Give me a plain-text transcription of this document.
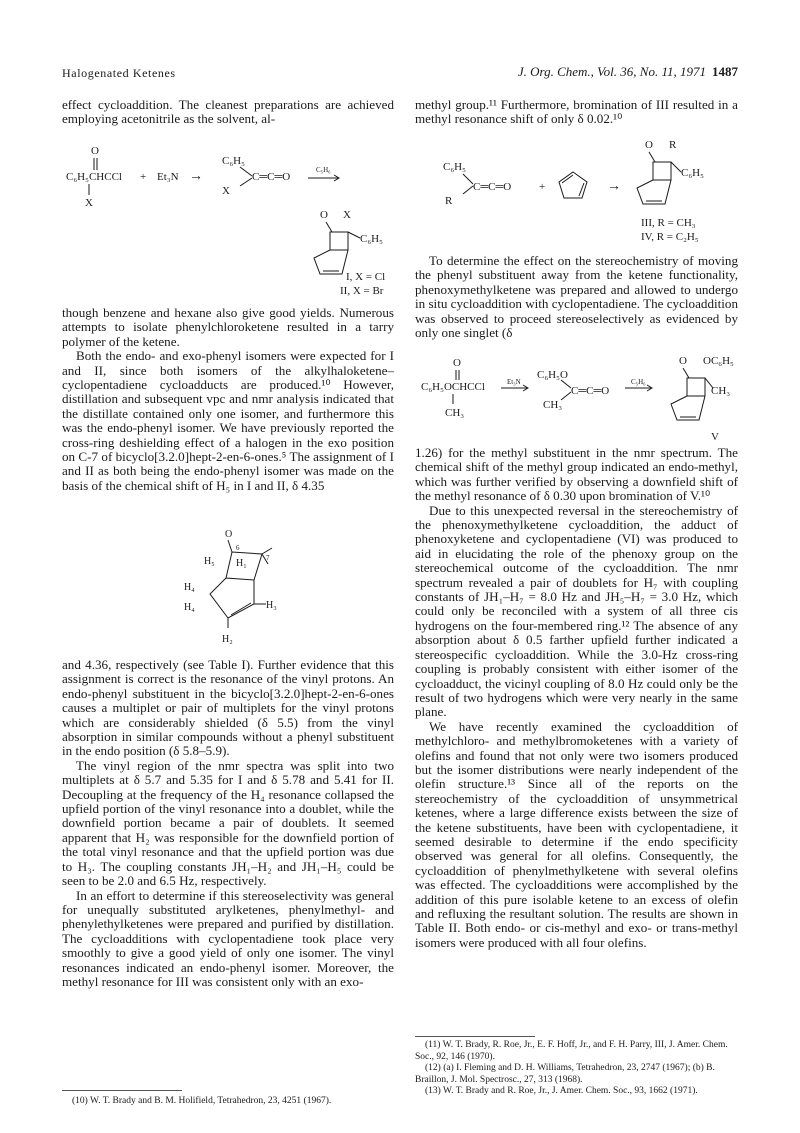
Halogenated Ketenes	J. Org. Chem., Vol. 36, No. 11, 1971 1487

effect cycloaddition. The cleanest preparations are achieved employing acetonitrile as the solvent, al-

O
C₆H₅CHCCl
X
+ Et₃N →
C₆H₅
X
C═C═O
C₅H₆
O X
C₆H₅
I, X = Cl
II, X = Br

though benzene and hexane also give good yields. Numerous attempts to isolate phenylchloroketene resulted in a tarry polymer of the ketene.

Both the endo- and exo-phenyl isomers were expected for I and II, since both isomers of the alkylhaloketene–cyclopentadiene cycloadducts are produced.¹⁰ However, distillation and subsequent vpc and nmr analysis indicated that the distillate contained only one isomer, and furthermore this was the endo-phenyl isomer. We have previously reported the cross-ring deshielding effect of a halogen in the exo position on C-7 of bicyclo[3.2.0]hept-2-en-6-ones.⁵ The assignment of I and II as both being the endo-phenyl isomer was made on the basis of the chemical shift of H₅ in I and II, δ 4.35

O
6
7
H₅ H₁
H₄
H₄	H₃
H₂

and 4.36, respectively (see Table I). Further evidence that this assignment is correct is the resonance of the vinyl protons. An endo-phenyl substituent in the bicyclo[3.2.0]hept-2-en-6-ones causes a multiplet or pair of multiplets for the vinyl protons which are considerably shielded (δ 5.5) from the vinyl absorption in similar compounds without a phenyl substituent in the endo position (δ 5.8–5.9).

The vinyl region of the nmr spectra was split into two multiplets at δ 5.7 and 5.35 for I and δ 5.78 and 5.41 for II. Decoupling at the frequency of the H₄ resonance collapsed the upfield portion of the vinyl resonance into a doublet, while the downfield portion became a pair of doublets. It seemed apparent that H₂ was responsible for the downfield portion of the total vinyl resonance and that the upfield portion was due to H₃. The coupling constants JH₁–H₂ and JH₁–H₅ could be seen to be 2.0 and 6.5 Hz, respectively.

In an effort to determine if this stereoselectivity was general for unequally substituted arylketenes, phenylmethyl- and phenylethylketenes were prepared and purified by distillation. The cycloadditions with cyclopentadiene took place very smoothly to give a good yield of only one isomer. The vinyl resonances indicated an endo-phenyl isomer. Moreover, the methyl resonance for III was consistent only with an exo-

(10) W. T. Brady and B. M. Holifield, Tetrahedron, 23, 4251 (1967).

methyl group.¹¹ Furthermore, bromination of III resulted in a methyl resonance shift of only δ 0.02.¹⁰

C₆H₅
R
C═C═O	+	→
O R
C₆H₅
III, R = CH₃
IV, R = C₂H₅

To determine the effect on the stereochemistry of moving the phenyl substituent away from the ketene functionality, phenoxymethylketene was prepared and allowed to undergo in situ cycloaddition with cyclopentadiene. The cycloaddition was observed to proceed stereoselectively as evidenced by only one singlet (δ

O
C₆H₅OCHCCl
CH₃
Et₃N
C₆H₅O
CH₃
C═C═O
C₅H₆
O OC₆H₅
CH₃
V

1.26) for the methyl substituent in the nmr spectrum. The chemical shift of the methyl group indicated an endo-methyl, which was further verified by observing a downfield shift of the methyl resonance of δ 0.30 upon bromination of V.¹⁰

Due to this unexpected reversal in the stereochemistry of the phenoxymethylketene cycloaddition, the adduct of phenoxyketene and cyclopentadiene (VI) was produced to aid in elucidating the role of the phenoxy group on the stereochemical outcome of the cycloaddition. The nmr spectrum revealed a pair of doublets for H₇ with coupling constants of JH₁–H₇ = 8.0 Hz and JH₅–H₇ = 3.0 Hz, which could only be reconciled with a system of all three cis hydrogens on the four-membered ring.¹² The absence of any absorption about δ 0.5 farther upfield further indicated a stereospecific cycloaddition. While the 3.0-Hz cross-ring coupling is probably consistent with either isomer of the cycloadduct, the vicinyl coupling of 8.0 Hz could only be the result of two hydrogens which were very nearly in the same plane.

We have recently examined the cycloaddition of methylchloro- and methylbromoketenes with a variety of olefins and found that not only were two isomers produced but the isomer distributions were nearly independent of the olefin structure.¹³ Since all of the reports on the stereochemistry of the cycloaddition of unsymmetrical ketenes, where a large difference exists between the size of the ketene substituents, have been with cyclopentadiene, it seemed desirable to determine if the endo specificity observed was general for all olefins. Consequently, the cycloaddition of phenylmethylketene with several olefins was effected. The cycloadditions were accomplished by the addition of this pure isolable ketene to an excess of olefin and refluxing the resultant solution. The results are shown in Table II. Both endo- or cis-methyl and exo- or trans-methyl isomers were produced with all four olefins.

(11) W. T. Brady, R. Roe, Jr., E. F. Hoff, Jr., and F. H. Parry, III, J. Amer. Chem. Soc., 92, 146 (1970).

(12) (a) I. Fleming and D. H. Williams, Tetrahedron, 23, 2747 (1967); (b) B. Braillon, J. Mol. Spectrosc., 27, 313 (1968).

(13) W. T. Brady and R. Roe, Jr., J. Amer. Chem. Soc., 93, 1662 (1971).
